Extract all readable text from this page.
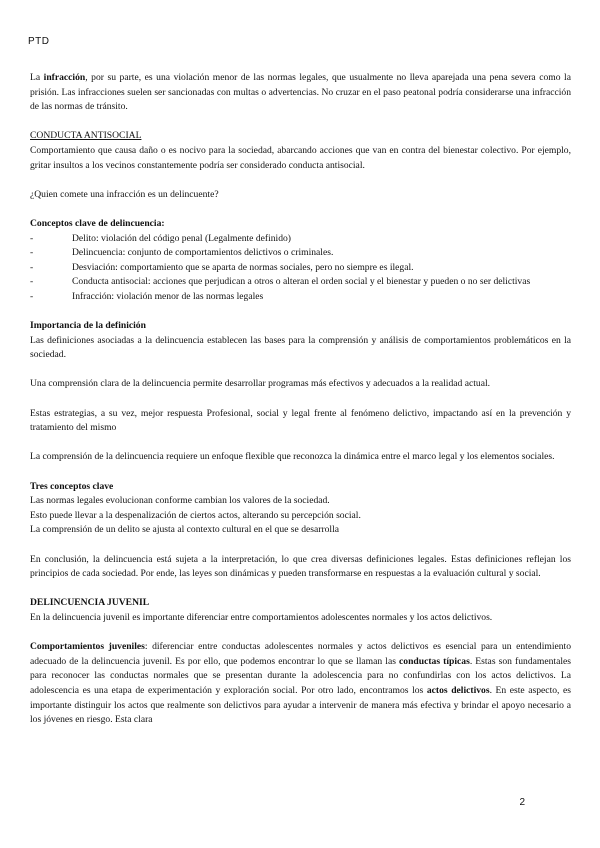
PTD

La infracción, por su parte, es una violación menor de las normas legales, que usualmente no lleva aparejada una pena severa como la prisión. Las infracciones suelen ser sancionadas con multas o advertencias. No cruzar en el paso peatonal podría considerarse una infracción de las normas de tránsito.

CONDUCTA ANTISOCIAL

Comportamiento que causa daño o es nocivo para la sociedad, abarcando acciones que van en contra del bienestar colectivo. Por ejemplo, gritar insultos a los vecinos constantemente podría ser considerado conducta antisocial.

¿Quien comete una infracción es un delincuente?

Conceptos clave de delincuencia:
-	Delito: violación del código penal (Legalmente definido)
-	Delincuencia: conjunto de comportamientos delictivos o criminales.
-	Desviación: comportamiento que se aparta de normas sociales, pero no siempre es ilegal.
-	Conducta antisocial: acciones que perjudican a otros o alteran el orden social y el bienestar y pueden o no ser delictivas
-	Infracción: violación menor de las normas legales
Importancia de la definición

Las definiciones asociadas a la delincuencia establecen las bases para la comprensión y análisis de comportamientos problemáticos en la sociedad.

Una comprensión clara de la delincuencia permite desarrollar programas más efectivos y adecuados a la realidad actual.

Estas estrategias, a su vez, mejor respuesta Profesional, social y legal frente al fenómeno delictivo, impactando así en la prevención y tratamiento del mismo

La comprensión de la delincuencia requiere un enfoque flexible que reconozca la dinámica entre el marco legal y los elementos sociales.

Tres conceptos clave
Las normas legales evolucionan conforme cambian los valores de la sociedad.
Esto puede llevar a la despenalización de ciertos actos, alterando su percepción social.
La comprensión de un delito se ajusta al contexto cultural en el que se desarrolla

En conclusión, la delincuencia está sujeta a la interpretación, lo que crea diversas definiciones legales. Estas definiciones reflejan los principios de cada sociedad. Por ende, las leyes son dinámicas y pueden transformarse en respuestas a la evaluación cultural y social.

DELINCUENCIA JUVENIL

En la delincuencia juvenil es importante diferenciar entre comportamientos adolescentes normales y los actos delictivos.

Comportamientos juveniles: diferenciar entre conductas adolescentes normales y actos delictivos es esencial para un entendimiento adecuado de la delincuencia juvenil. Es por ello, que podemos encontrar lo que se llaman las conductas típicas. Estas son fundamentales para reconocer las conductas normales que se presentan durante la adolescencia para no confundirlas con los actos delictivos. La adolescencia es una etapa de experimentación y exploración social. Por otro lado, encontramos los actos delictivos. En este aspecto, es importante distinguir los actos que realmente son delictivos para ayudar a intervenir de manera más efectiva y brindar el apoyo necesario a los jóvenes en riesgo. Esta clara

2
